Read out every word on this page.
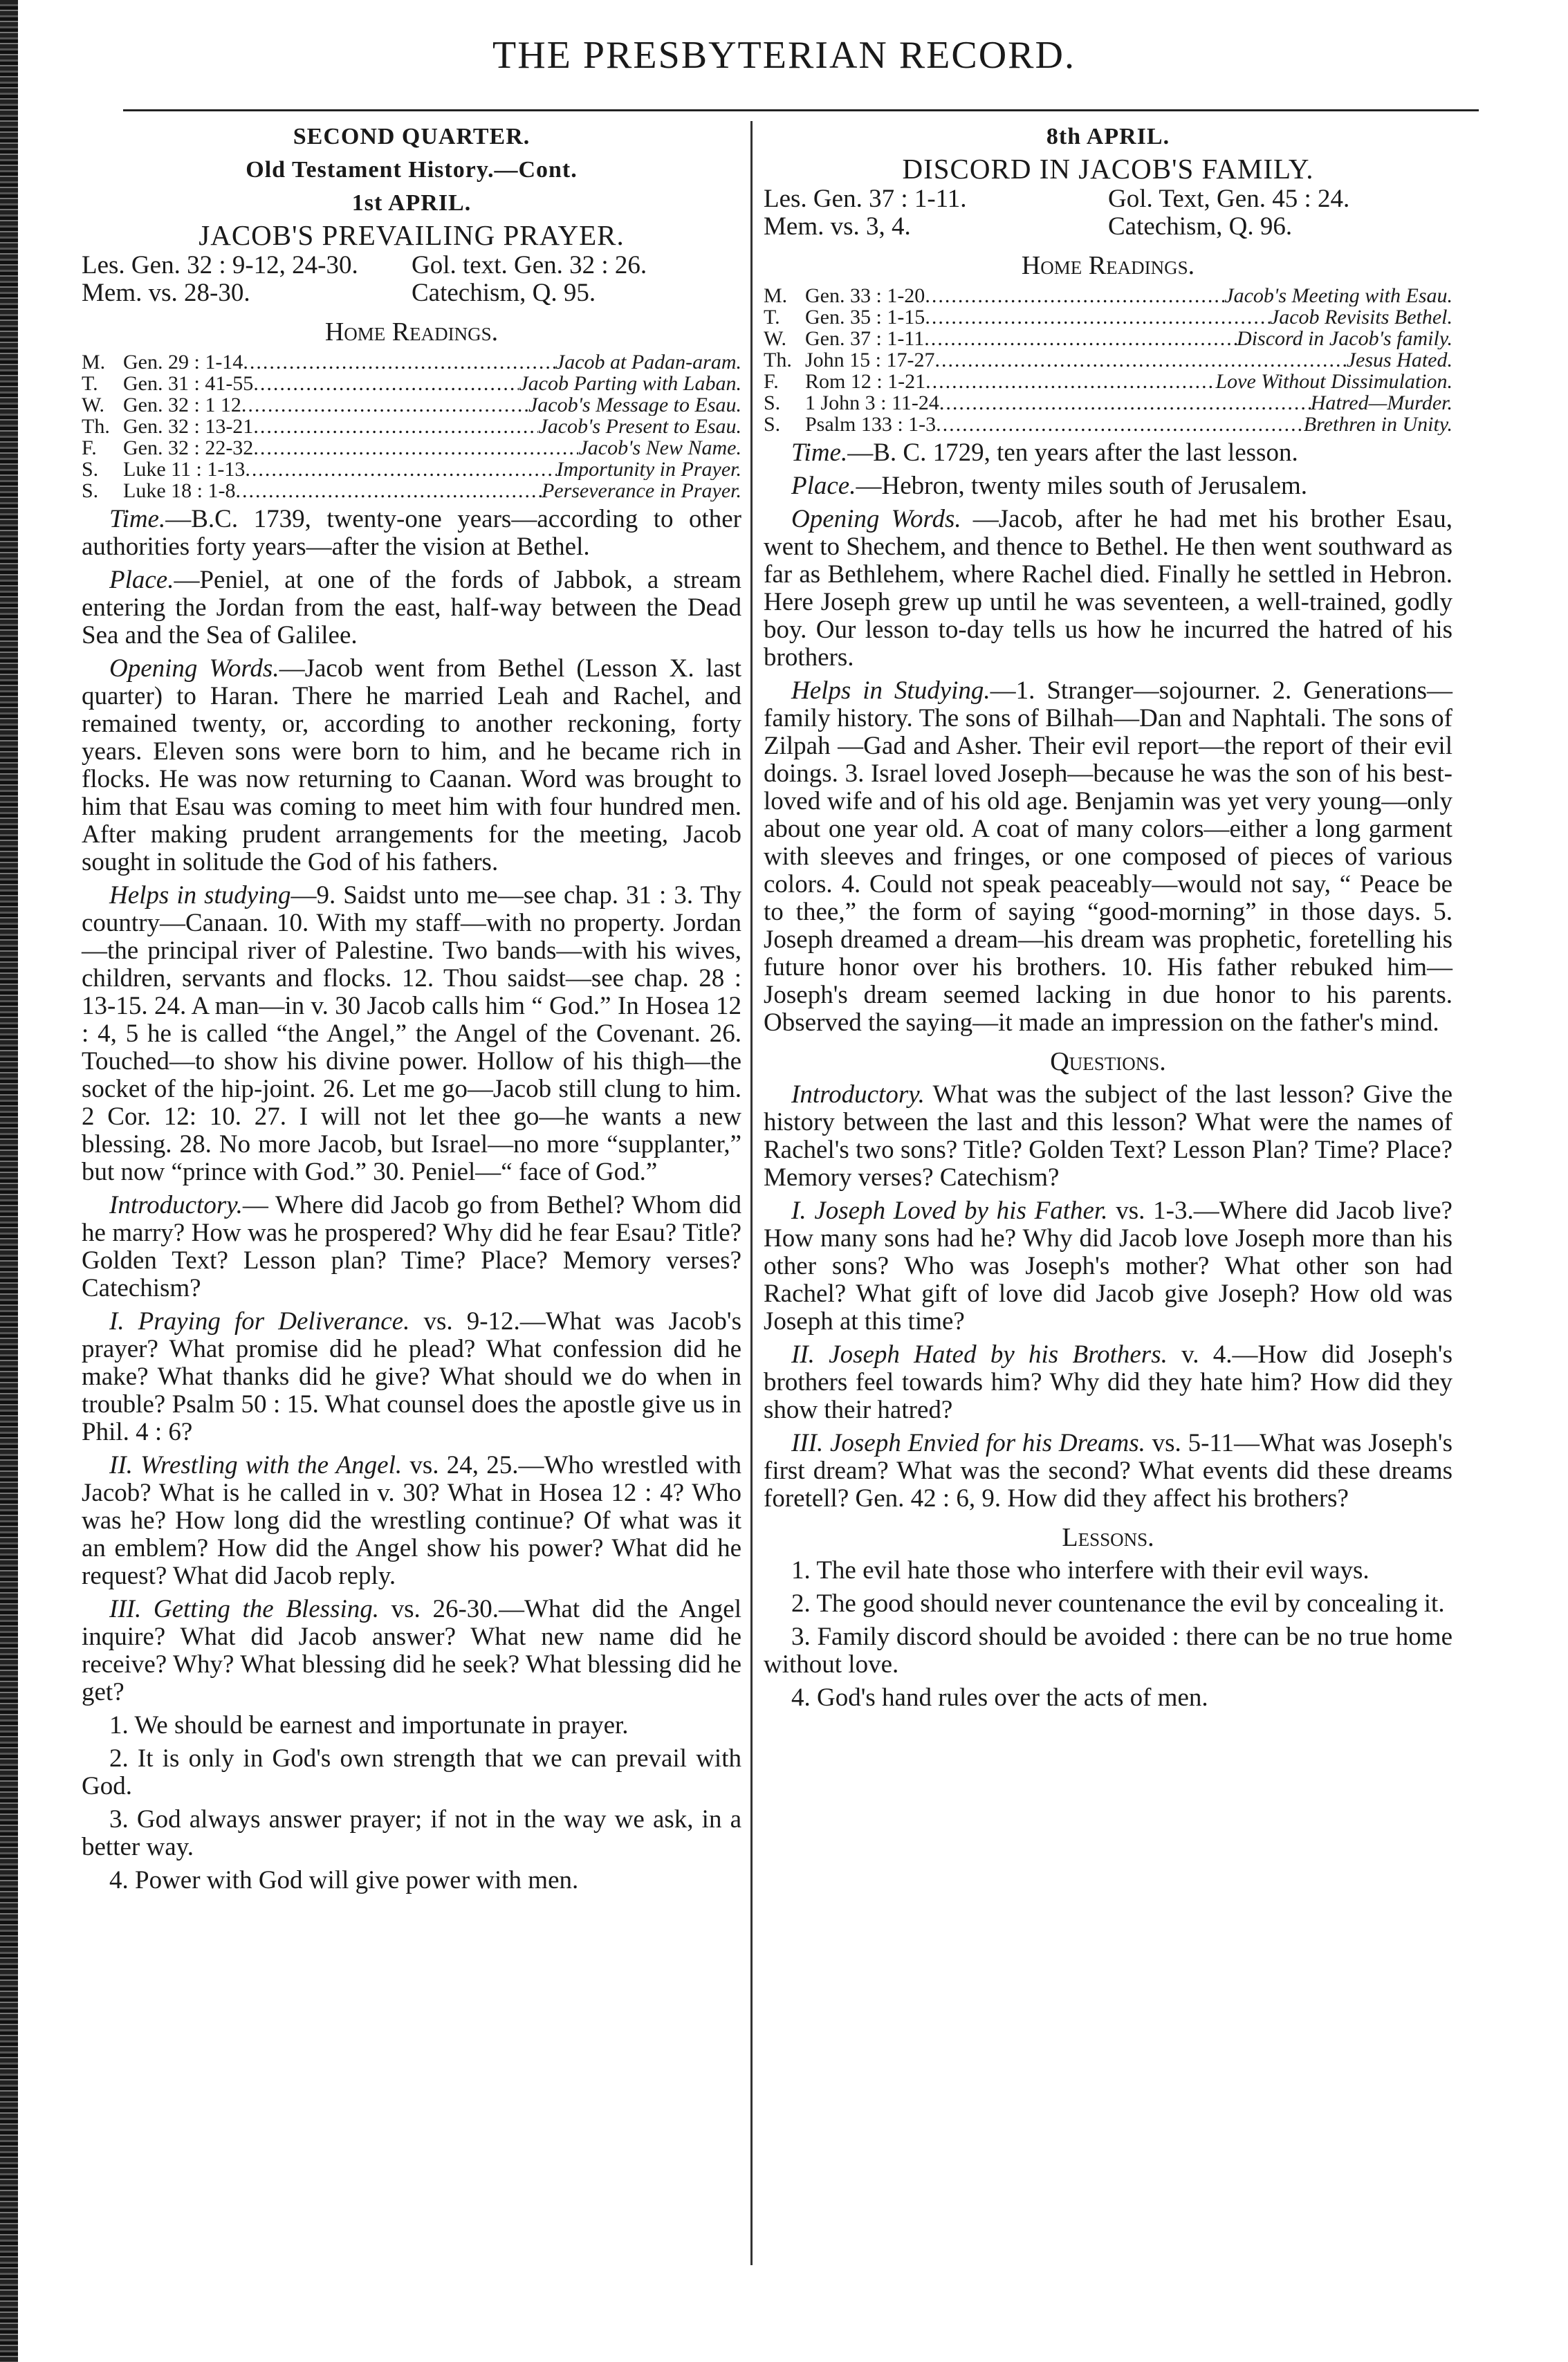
THE PRESBYTERIAN RECORD.
SECOND QUARTER.
Old Testament History.—Cont.
1st APRIL.
JACOB'S PREVAILING PRAYER.
Les. Gen. 32 : 9-12, 24-30.	Gol. text. Gen. 32 : 26.
Mem. vs. 28-30.	Catechism, Q. 95.
Home Readings.
M. Gen. 29 : 1-14 .....	Jacob at Padan-aram.
T.	Gen. 31 : 41-55 .....	Jacob Parting with Laban.
W. Gen. 32 : 1 12 .....	Jacob's Message to Esau.
Th. Gen. 32 : 13-21 .....	Jacob's Present to Esau.
F.	Gen. 32 : 22-32 .....	Jacob's New Name.
S.	Luke 11 : 1-13 .....	Importunity in Prayer.
S.	Luke 18 : 1-8 .....	Perseverance in Prayer.

Time.—B.C. 1739, twenty-one years—according to other authorities forty years—after the vision at Bethel.

Place.—Peniel, at one of the fords of Jabbok, a stream entering the Jordan from the east, half-way between the Dead Sea and the Sea of Galilee.

Opening Words.—Jacob went from Bethel (Lesson X. last quarter) to Haran. There he married Leah and Rachel, and remained twenty, or, according to another reckoning, forty years. Eleven sons were born to him, and he became rich in flocks. He was now returning to Caanan. Word was brought to him that Esau was coming to meet him with four hundred men. After making prudent arrangements for the meeting, Jacob sought in solitude the God of his fathers.

Helps in studying—9. Saidst unto me—see chap. 31 : 3. Thy country—Canaan. 10. With my staff—with no property. Jordan—the principal river of Palestine. Two bands—with his wives, children, servants and flocks. 12. Thou saidst—see chap. 28 : 13-15. 24. A man—in v. 30 Jacob calls him “ God.” In Hosea 12 : 4, 5 he is called “the Angel,” the Angel of the Covenant. 26. Touched—to show his divine power. Hollow of his thigh—the socket of the hip-joint. 26. Let me go—Jacob still clung to him. 2 Cor. 12: 10. 27. I will not let thee go—he wants a new blessing. 28. No more Jacob, but Israel—no more “supplanter,” but now “prince with God.” 30. Peniel—“ face of God.”

Introductory.— Where did Jacob go from Bethel? Whom did he marry? How was he prospered? Why did he fear Esau? Title? Golden Text? Lesson plan? Time? Place? Memory verses? Catechism?

I. Praying for Deliverance. vs. 9-12.—What was Jacob's prayer? What promise did he plead? What confession did he make? What thanks did he give? What should we do when in trouble? Psalm 50 : 15. What counsel does the apostle give us in Phil. 4 : 6?

II. Wrestling with the Angel. vs. 24, 25.—Who wrestled with Jacob? What is he called in v. 30? What in Hosea 12 : 4? Who was he? How long did the wrestling continue? Of what was it an emblem? How did the Angel show his power? What did he request? What did Jacob reply.

III. Getting the Blessing. vs. 26-30.—What did the Angel inquire? What did Jacob answer? What new name did he receive? Why? What blessing did he seek? What blessing did he get?

1. We should be earnest and importunate in prayer.

2. It is only in God's own strength that we can prevail with God.

3. God always answer prayer; if not in the way we ask, in a better way.

4. Power with God will give power with men.

8th APRIL.
DISCORD IN JACOB'S FAMILY.
Les. Gen. 37 : 1-11.	Gol. Text, Gen. 45 : 24.
Mem. vs. 3, 4.	Catechism, Q. 96.
Home Readings.
M. Gen. 33 : 1-20 .....	Jacob's Meeting with Esau.
T.	Gen. 35 : 1-15 .....	Jacob Revisits Bethel.
W. Gen. 37 : 1-11 .....	Discord in Jacob's family.
Th. John 15 : 17-27 .....	Jesus Hated.
F.	Rom 12 : 1-21 .....	Love Without Dissimulation.
S.	1 John 3 : 11-24 .....	Hatred—Murder.
S.	Psalm 133 : 1-3 .....	Brethren in Unity.

Time.—B. C. 1729, ten years after the last lesson.

Place.—Hebron, twenty miles south of Jerusalem.

Opening Words. —Jacob, after he had met his brother Esau, went to Shechem, and thence to Bethel. He then went southward as far as Bethlehem, where Rachel died. Finally he settled in Hebron. Here Joseph grew up until he was seventeen, a well-trained, godly boy. Our lesson to-day tells us how he incurred the hatred of his brothers.

Helps in Studying.—1. Stranger—sojourner. 2. Generations—family history. The sons of Bilhah—Dan and Naphtali. The sons of Zilpah —Gad and Asher. Their evil report—the report of their evil doings. 3. Israel loved Joseph—because he was the son of his best-loved wife and of his old age. Benjamin was yet very young—only about one year old. A coat of many colors—either a long garment with sleeves and fringes, or one composed of pieces of various colors. 4. Could not speak peaceably—would not say, “ Peace be to thee,” the form of saying “good-morning” in those days. 5. Joseph dreamed a dream—his dream was prophetic, foretelling his future honor over his brothers. 10. His father rebuked him—Joseph's dream seemed lacking in due honor to his parents. Observed the saying—it made an impression on the father's mind.

Questions.

Introductory. What was the subject of the last lesson? Give the history between the last and this lesson? What were the names of Rachel's two sons? Title? Golden Text? Lesson Plan? Time? Place? Memory verses? Catechism?

I. Joseph Loved by his Father. vs. 1-3.—Where did Jacob live? How many sons had he? Why did Jacob love Joseph more than his other sons? Who was Joseph's mother? What other son had Rachel? What gift of love did Jacob give Joseph? How old was Joseph at this time?

II. Joseph Hated by his Brothers. v. 4.—How did Joseph's brothers feel towards him? Why did they hate him? How did they show their hatred?

III. Joseph Envied for his Dreams. vs. 5-11—What was Joseph's first dream? What was the second? What events did these dreams foretell? Gen. 42 : 6, 9. How did they affect his brothers?

Lessons.

1. The evil hate those who interfere with their evil ways.

2. The good should never countenance the evil by concealing it.

3. Family discord should be avoided : there can be no true home without love.

4. God's hand rules over the acts of men.
